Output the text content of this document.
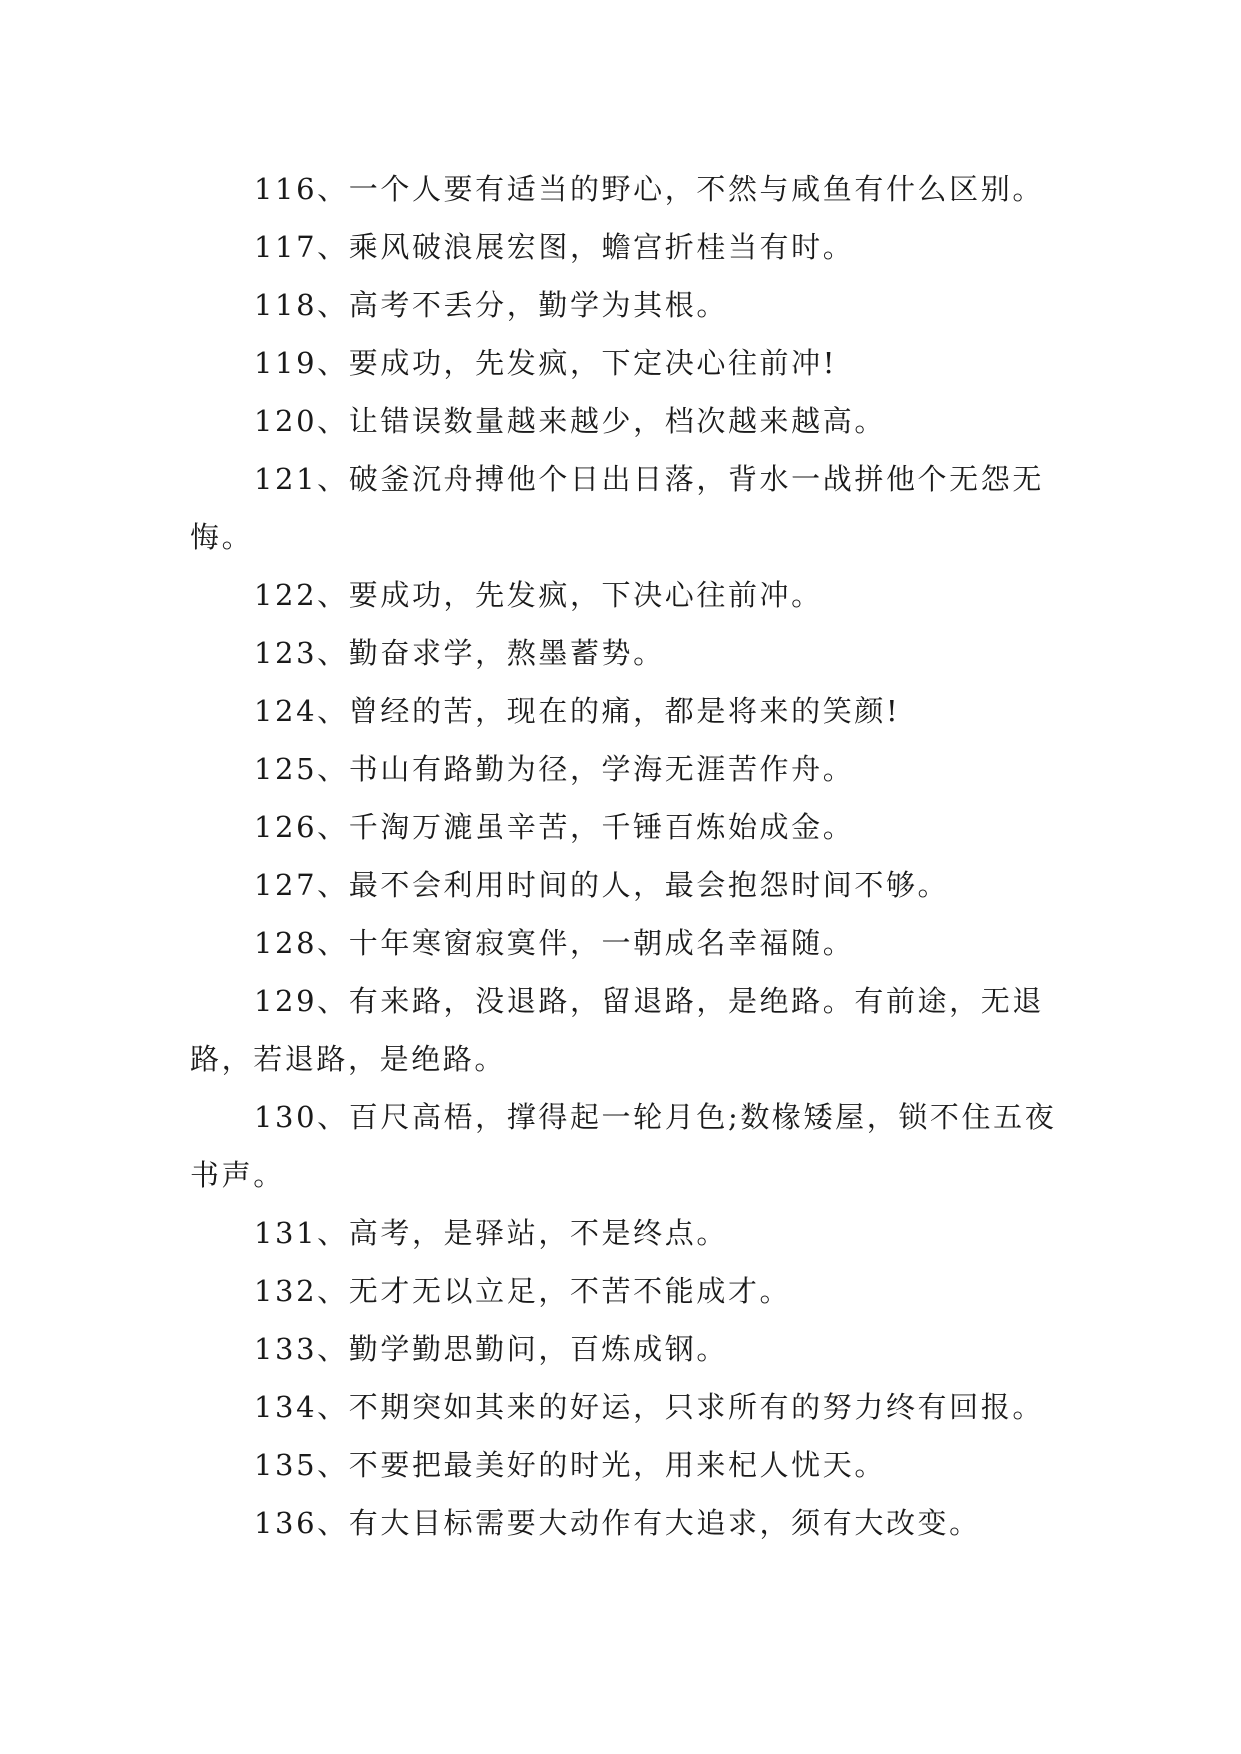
116、一个人要有适当的野心，不然与咸鱼有什么区别。

117、乘风破浪展宏图，蟾宫折桂当有时。

118、高考不丢分，勤学为其根。

119、要成功，先发疯，下定决心往前冲!

120、让错误数量越来越少，档次越来越高。

121、破釜沉舟搏他个日出日落，背水一战拼他个无怨无悔。

122、要成功，先发疯，下决心往前冲。

123、勤奋求学，熬墨蓄势。

124、曾经的苦，现在的痛，都是将来的笑颜!

125、书山有路勤为径，学海无涯苦作舟。

126、千淘万漉虽辛苦，千锤百炼始成金。

127、最不会利用时间的人，最会抱怨时间不够。

128、十年寒窗寂寞伴，一朝成名幸福随。

129、有来路，没退路，留退路，是绝路。有前途，无退路，若退路，是绝路。

130、百尺高梧，撑得起一轮月色;数椽矮屋，锁不住五夜书声。

131、高考，是驿站，不是终点。

132、无才无以立足，不苦不能成才。

133、勤学勤思勤问，百炼成钢。

134、不期突如其来的好运，只求所有的努力终有回报。

135、不要把最美好的时光，用来杞人忧天。

136、有大目标需要大动作有大追求，须有大改变。
